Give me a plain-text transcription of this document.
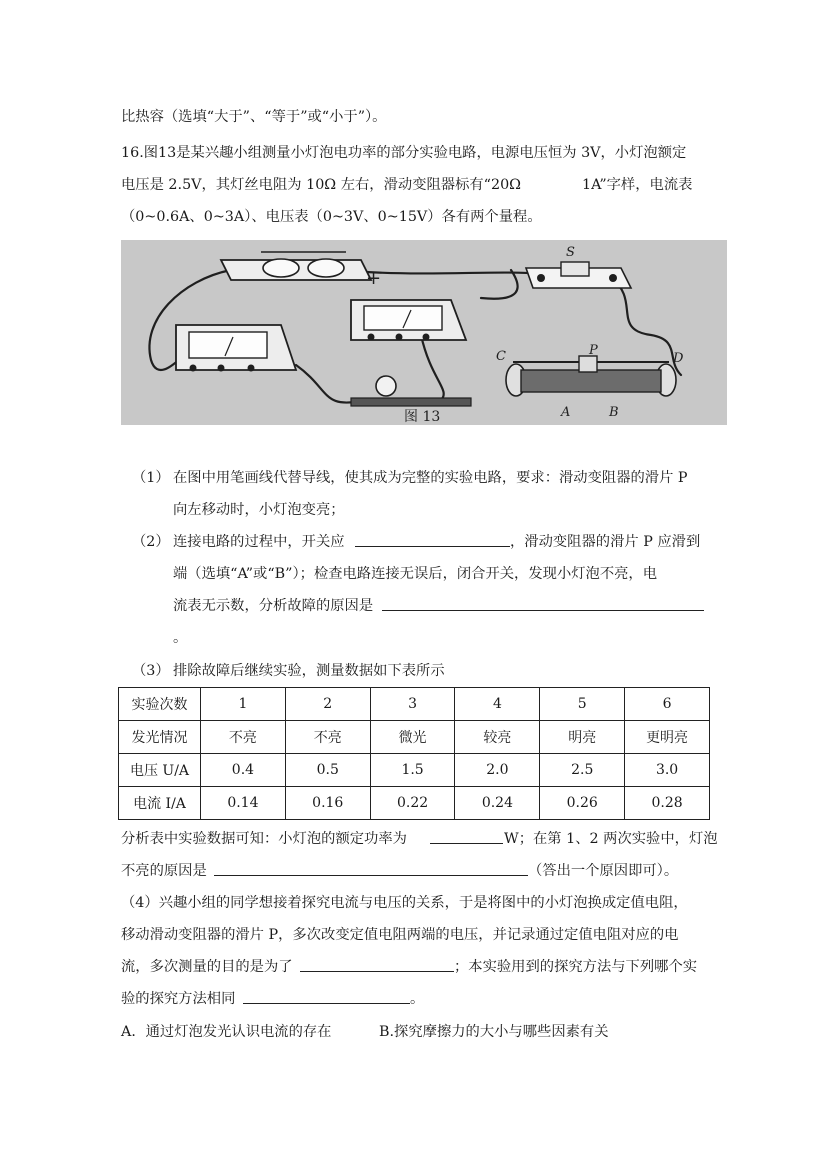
比热容（选填“大于”、“等于”或“小于”）。
16.图13是某兴趣小组测量小灯泡电功率的部分实验电路，电源电压恒为 3V，小灯泡额定
电压是 2.5V，其灯丝电阻为 10Ω 左右，滑动变阻器标有“20Ω	1A”字样，电流表
（0~0.6A、0~3A）、电压表（0~3V、0~15V）各有两个量程。
+
S
C	P
D
A	B
图 13
（1） 在图中用笔画线代替导线，使其成为完整的实验电路，要求：滑动变阻器的滑片 P
向左移动时，小灯泡变亮；
（2） 连接电路的过程中，开关应	，滑动变阻器的滑片 P 应滑到
端（选填“A”或“B”）；检查电路连接无误后，闭合开关，发现小灯泡不亮，电
流表无示数，分析故障的原因是
。
（3） 排除故障后继续实验，测量数据如下表所示
实验次数	1	2	3	4	5	6
发光情况	不亮	不亮	微光	较亮	明亮	更明亮
电压 U/A	0.4	0.5	1.5	2.0	2.5	3.0
电流 I/A	0.14	0.16	0.22	0.24	0.26	0.28
分析表中实验数据可知：小灯泡的额定功率为	W；在第 1、2 两次实验中，灯泡
不亮的原因是	（答出一个原因即可）。
（4）兴趣小组的同学想接着探究电流与电压的关系，于是将图中的小灯泡换成定值电阻，
移动滑动变阻器的滑片 P，多次改变定值电阻两端的电压，并记录通过定值电阻对应的电
流，多次测量的目的是为了	；本实验用到的探究方法与下列哪个实
验的探究方法相同	。
A．通过灯泡发光认识电流的存在	B.探究摩擦力的大小与哪些因素有关
